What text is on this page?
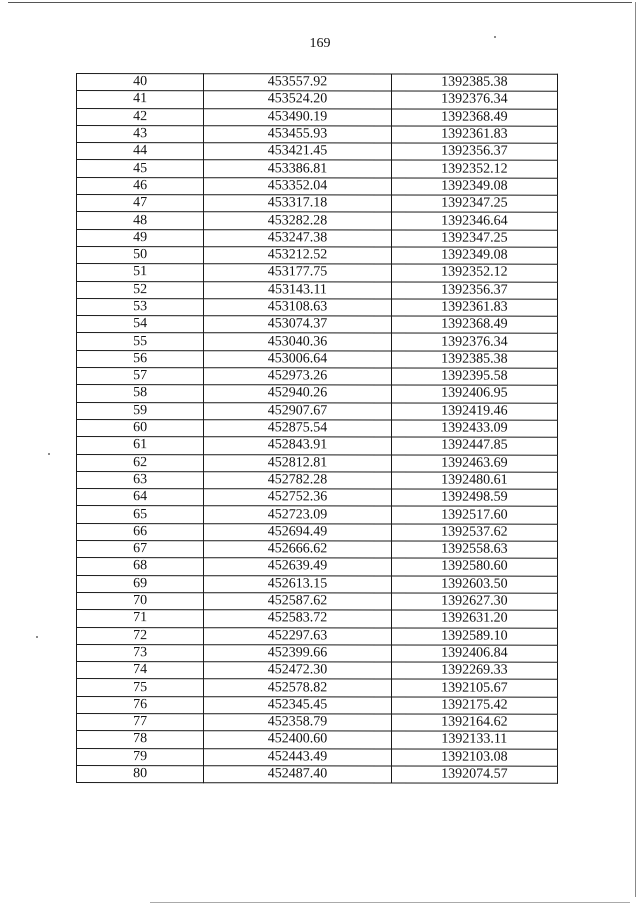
169
40	453557.92	1392385.38
41	453524.20	1392376.34
42	453490.19	1392368.49
43	453455.93	1392361.83
44	453421.45	1392356.37
45	453386.81	1392352.12
46	453352.04	1392349.08
47	453317.18	1392347.25
48	453282.28	1392346.64
49	453247.38	1392347.25
50	453212.52	1392349.08
51	453177.75	1392352.12
52	453143.11	1392356.37
53	453108.63	1392361.83
54	453074.37	1392368.49
55	453040.36	1392376.34
56	453006.64	1392385.38
57	452973.26	1392395.58
58	452940.26	1392406.95
59	452907.67	1392419.46
60	452875.54	1392433.09
61	452843.91	1392447.85
62	452812.81	1392463.69
63	452782.28	1392480.61
64	452752.36	1392498.59
65	452723.09	1392517.60
66	452694.49	1392537.62
67	452666.62	1392558.63
68	452639.49	1392580.60
69	452613.15	1392603.50
70	452587.62	1392627.30
71	452583.72	1392631.20
72	452297.63	1392589.10
73	452399.66	1392406.84
74	452472.30	1392269.33
75	452578.82	1392105.67
76	452345.45	1392175.42
77	452358.79	1392164.62
78	452400.60	1392133.11
79	452443.49	1392103.08
80	452487.40	1392074.57
